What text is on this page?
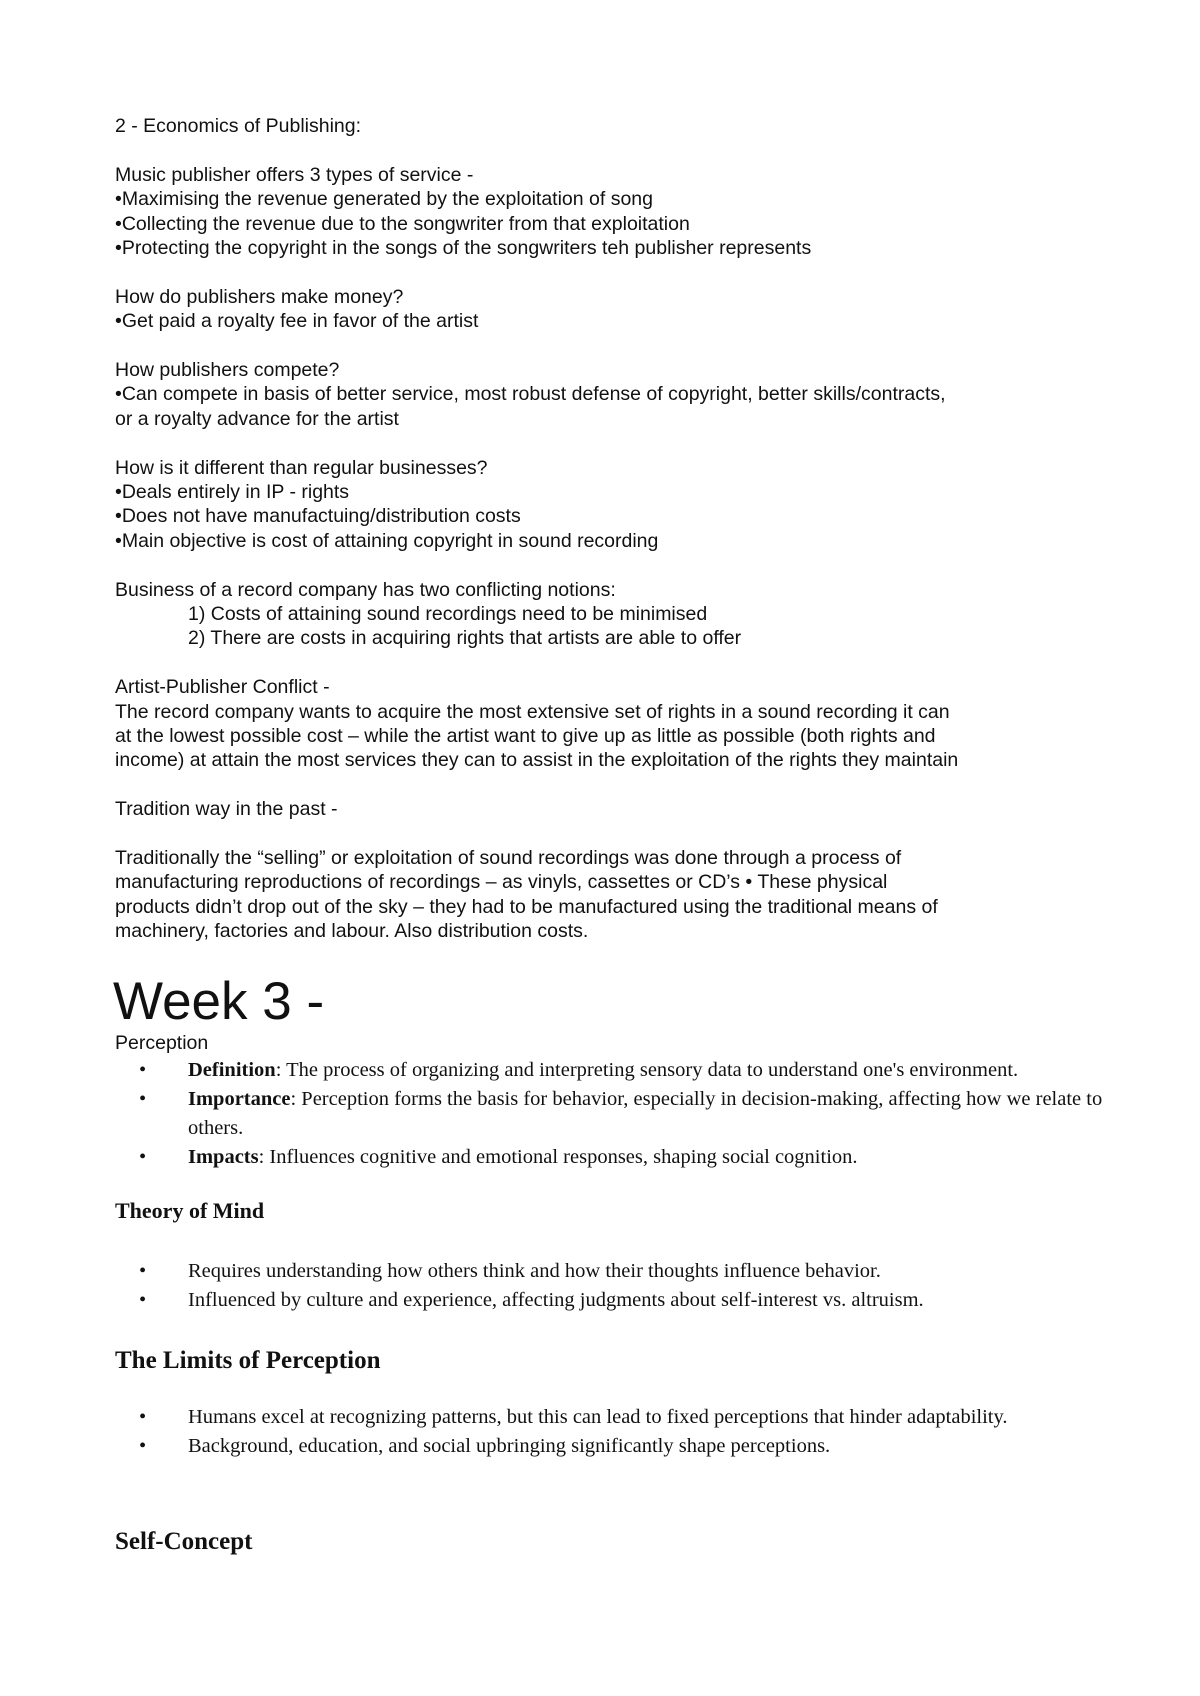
2 - Economics of Publishing:
Music publisher offers 3 types of service -
•Maximising the revenue generated by the exploitation of song
•Collecting the revenue due to the songwriter from that exploitation
•Protecting the copyright in the songs of the songwriters teh publisher represents
How do publishers make money?
•Get paid a royalty fee in favor of the artist
How publishers compete?
•Can compete in basis of better service, most robust defense of copyright, better skills/contracts,
or a royalty advance for the artist
How is it different than regular businesses?
•Deals entirely in IP - rights
•Does not have manufactuing/distribution costs
•Main objective is cost of attaining copyright in sound recording
Business of a record company has two conflicting notions:
1) Costs of attaining sound recordings need to be minimised
2) There are costs in acquiring rights that artists are able to offer
Artist-Publisher Conflict -
The record company wants to acquire the most extensive set of rights in a sound recording it can
at the lowest possible cost – while the artist want to give up as little as possible (both rights and
income) at attain the most services they can to assist in the exploitation of the rights they maintain
Tradition way in the past -
Traditionally the “selling” or exploitation of sound recordings was done through a process of
manufacturing reproductions of recordings – as vinyls, cassettes or CD’s • These physical
products didn’t drop out of the sky – they had to be manufactured using the traditional means of
machinery, factories and labour. Also distribution costs.
Week 3 -
Perception
• Definition: The process of organizing and interpreting sensory data to understand one's environment.
• Importance: Perception forms the basis for behavior, especially in decision-making, affecting how we relate to others.
• Impacts: Influences cognitive and emotional responses, shaping social cognition.
Theory of Mind
• Requires understanding how others think and how their thoughts influence behavior.
• Influenced by culture and experience, affecting judgments about self-interest vs. altruism.
The Limits of Perception
• Humans excel at recognizing patterns, but this can lead to fixed perceptions that hinder adaptability.
• Background, education, and social upbringing significantly shape perceptions.
Self-Concept
